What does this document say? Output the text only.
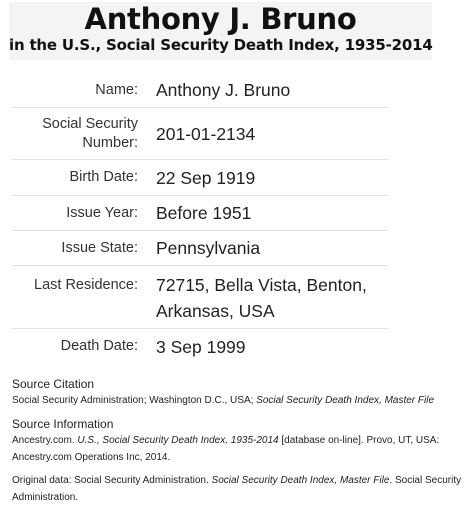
Anthony J. Bruno
in the U.S., Social Security Death Index, 1935-2014
Name: Anthony J. Bruno
Social Security
Number: 201-01-2134
Birth Date: 22 Sep 1919
Issue Year: Before 1951
Issue State: Pennsylvania
Last Residence: 72715, Bella Vista, Benton,
Arkansas, USA
Death Date: 3 Sep 1999
Source Citation
Social Security Administration; Washington D.C., USA; Social Security Death Index, Master File
Source Information
Ancestry.com. U.S., Social Security Death Index, 1935-2014 [database on-line]. Provo, UT, USA:
Ancestry.com Operations Inc, 2014.
Original data: Social Security Administration. Social Security Death Index, Master File. Social Security
Administration.
